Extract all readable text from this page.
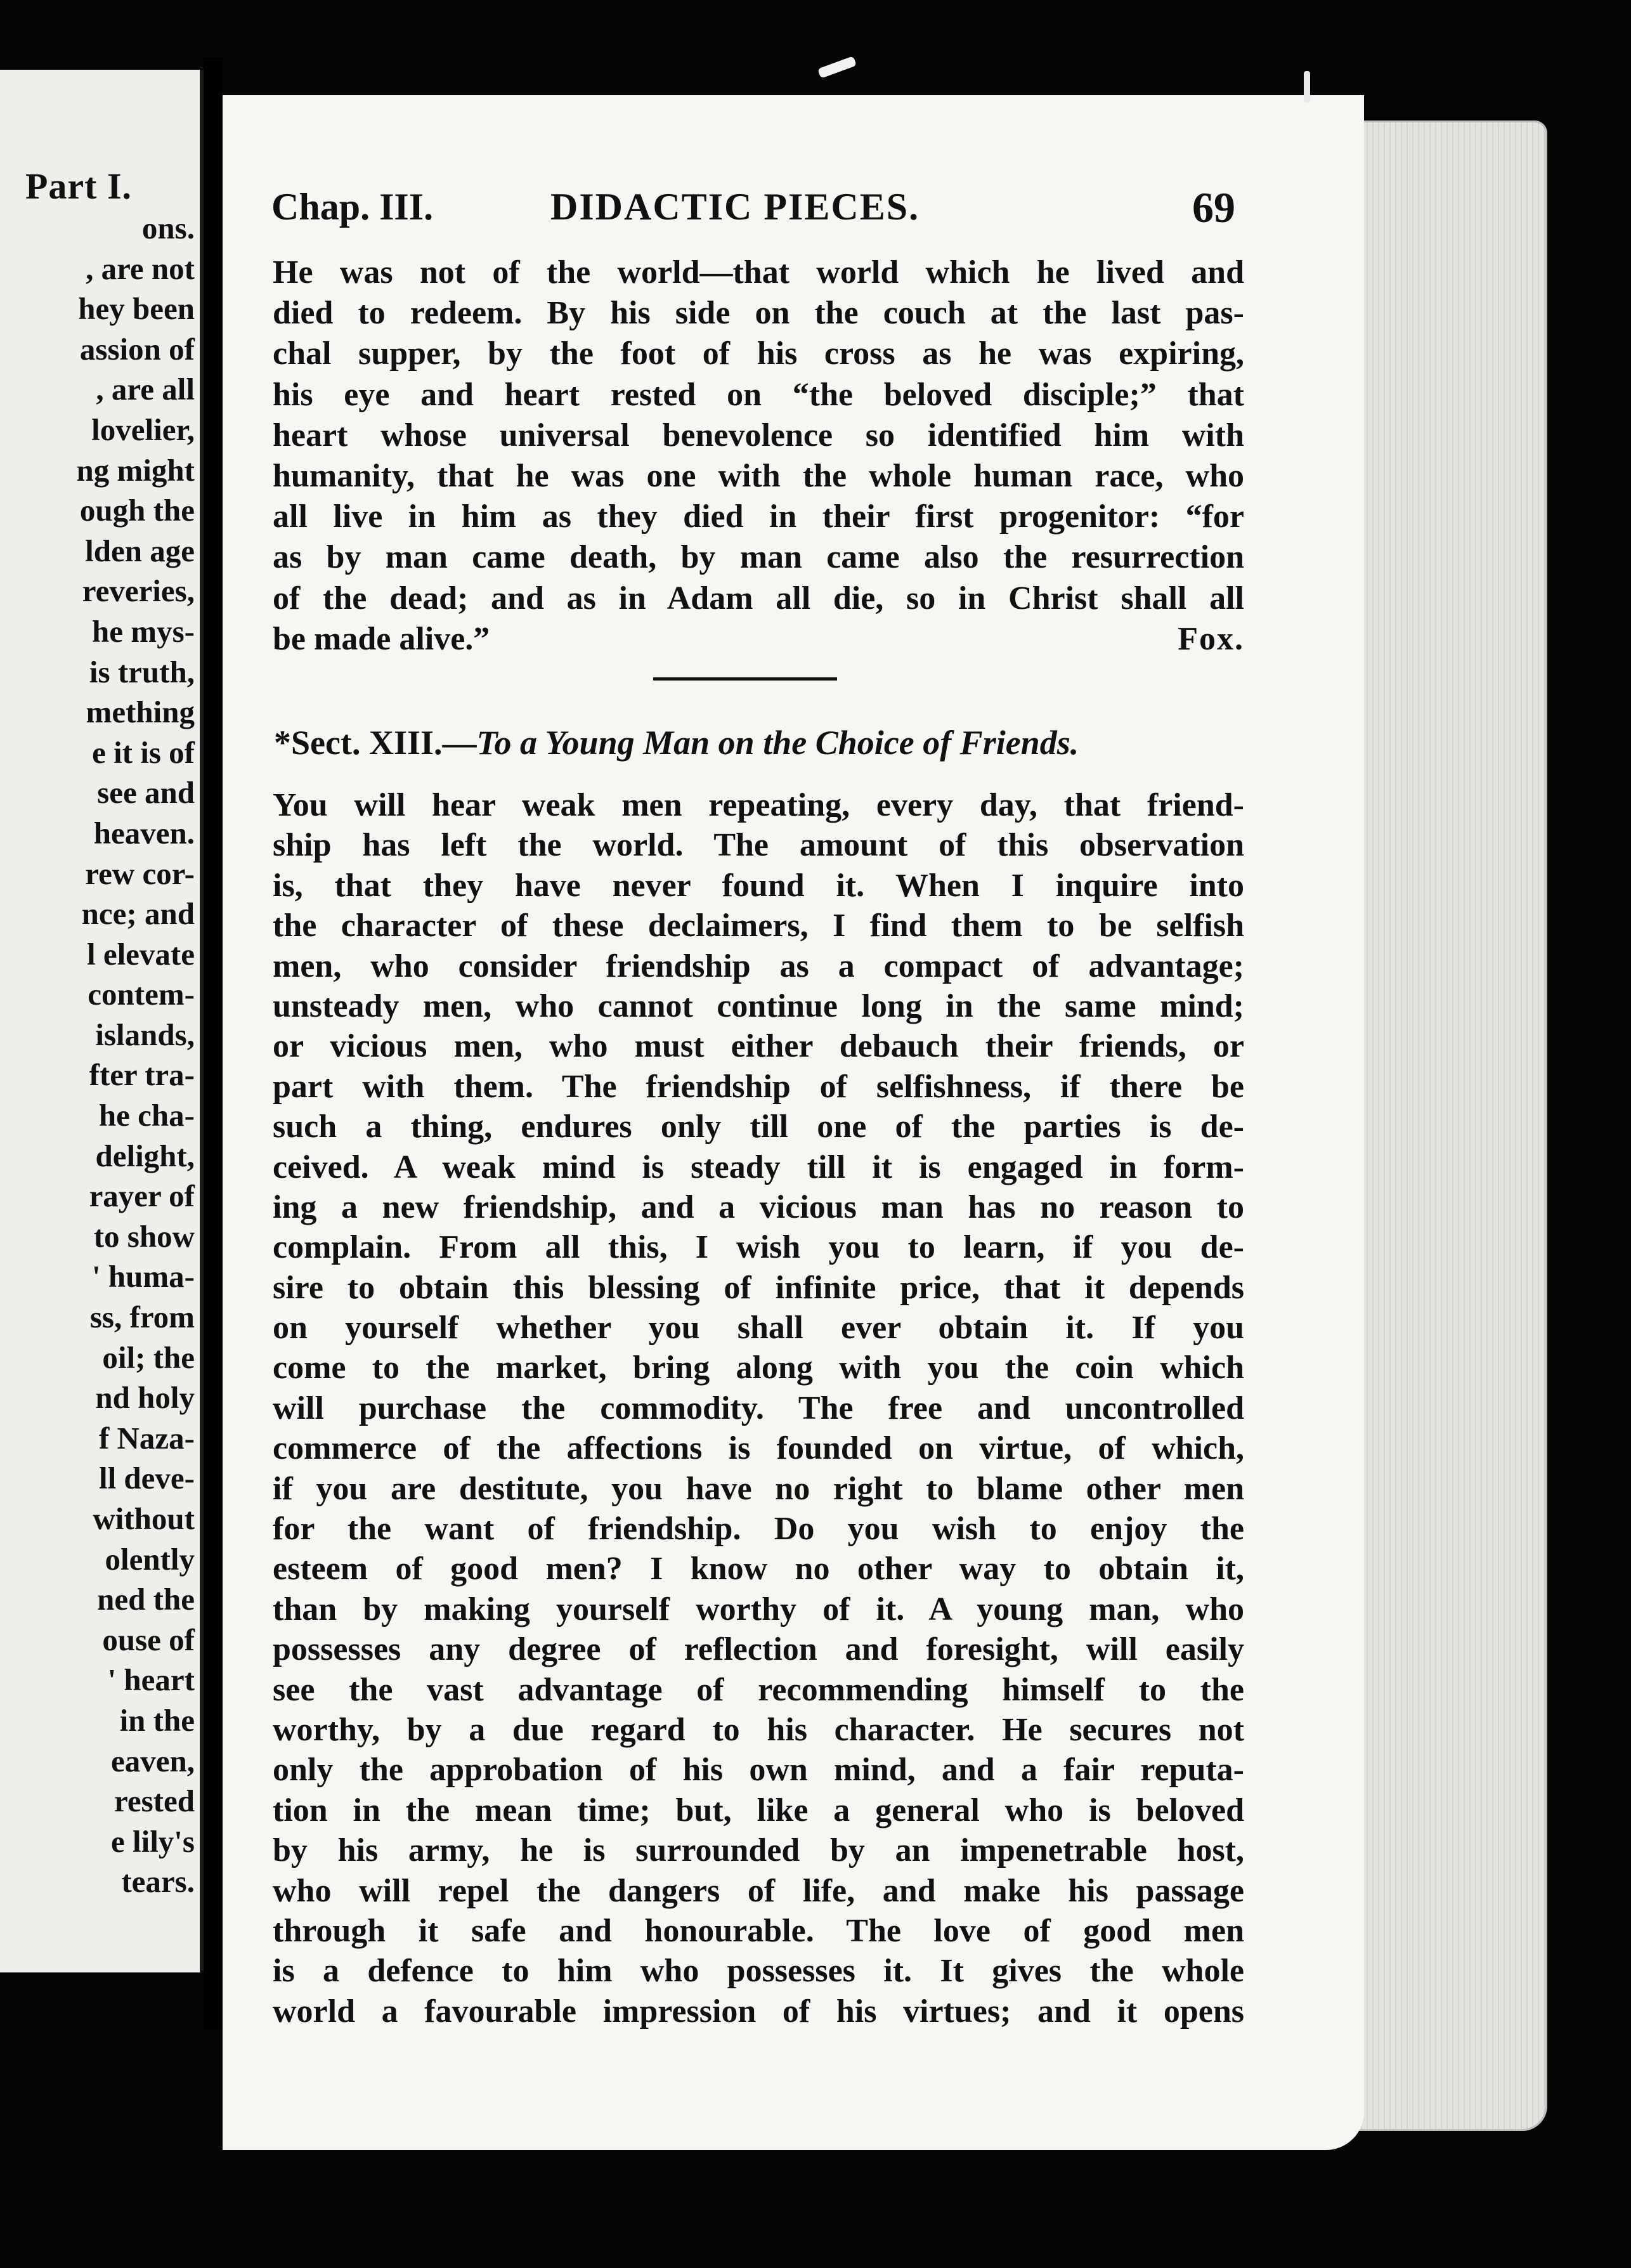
Part I.
ons.
, are not
hey been
assion of
, are all
lovelier,
ng might
ough the
lden age
reveries,
he mys-
is truth,
mething
e it is of
see and
heaven.
rew cor-
nce; and
l elevate
contem-
islands,
fter tra-
he cha-
delight,
rayer of
to show
' huma-
ss, from
oil; the
nd holy
f Naza-
ll deve-
without
olently
ned the
ouse of
' heart
in the
eaven,
rested
e lily's
tears.
Chap. III.	DIDACTIC PIECES.	69
He was not of the world—that world which he lived and
died to redeem. By his side on the couch at the last pas-
chal supper, by the foot of his cross as he was expiring,
his eye and heart rested on “the beloved disciple;” that
heart whose universal benevolence so identified him with
humanity, that he was one with the whole human race, who
all live in him as they died in their first progenitor: “for
as by man came death, by man came also the resurrection
of the dead; and as in Adam all die, so in Christ shall all
be made alive.”	Fox.
*Sect. XIII.—To a Young Man on the Choice of Friends.
You will hear weak men repeating, every day, that friend-
ship has left the world. The amount of this observation
is, that they have never found it. When I inquire into
the character of these declaimers, I find them to be selfish
men, who consider friendship as a compact of advantage;
unsteady men, who cannot continue long in the same mind;
or vicious men, who must either debauch their friends, or
part with them. The friendship of selfishness, if there be
such a thing, endures only till one of the parties is de-
ceived. A weak mind is steady till it is engaged in form-
ing a new friendship, and a vicious man has no reason to
complain. From all this, I wish you to learn, if you de-
sire to obtain this blessing of infinite price, that it depends
on yourself whether you shall ever obtain it. If you
come to the market, bring along with you the coin which
will purchase the commodity. The free and uncontrolled
commerce of the affections is founded on virtue, of which,
if you are destitute, you have no right to blame other men
for the want of friendship. Do you wish to enjoy the
esteem of good men? I know no other way to obtain it,
than by making yourself worthy of it. A young man, who
possesses any degree of reflection and foresight, will easily
see the vast advantage of recommending himself to the
worthy, by a due regard to his character. He secures not
only the approbation of his own mind, and a fair reputa-
tion in the mean time; but, like a general who is beloved
by his army, he is surrounded by an impenetrable host,
who will repel the dangers of life, and make his passage
through it safe and honourable. The love of good men
is a defence to him who possesses it. It gives the whole
world a favourable impression of his virtues; and it opens
